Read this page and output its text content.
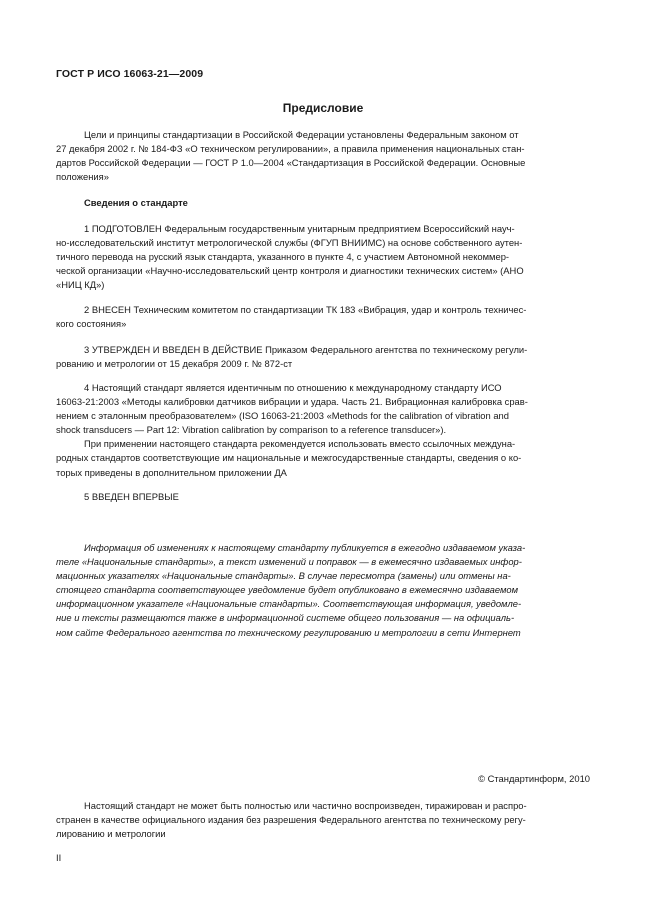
ГОСТ Р ИСО 16063-21—2009
Предисловие

Цели и принципы стандартизации в Российской Федерации установлены Федеральным законом от

27 декабря 2002 г. № 184-ФЗ «О техническом регулировании», а правила применения национальных стан-

дартов Российской Федерации — ГОСТ Р 1.0—2004 «Стандартизация в Российской Федерации. Основные

положения»

Сведения о стандарте

1 ПОДГОТОВЛЕН Федеральным государственным унитарным предприятием Всероссийский науч-

но-исследовательский институт метрологической службы (ФГУП ВНИИМС) на основе собственного аутен-

тичного перевода на русский язык стандарта, указанного в пункте 4, с участием Автономной некоммер-

ческой организации «Научно-исследовательский центр контроля и диагностики технических систем» (АНО

«НИЦ КД»)

2 ВНЕСЕН Техническим комитетом по стандартизации ТК 183 «Вибрация, удар и контроль техничес-

кого состояния»

3 УТВЕРЖДЕН И ВВЕДЕН В ДЕЙСТВИЕ Приказом Федерального агентства по техническому регули-

рованию и метрологии от 15 декабря 2009 г. № 872-ст

4 Настоящий стандарт является идентичным по отношению к международному стандарту ИСО

16063-21:2003 «Методы калибровки датчиков вибрации и удара. Часть 21. Вибрационная калибровка срав-

нением с эталонным преобразователем» (ISO 16063-21:2003 «Methods for the calibration of vibration and

shock transducers — Part 12: Vibration calibration by comparison to a reference transducer»).

При применении настоящего стандарта рекомендуется использовать вместо ссылочных междуна-

родных стандартов соответствующие им национальные и межгосударственные стандарты, сведения о ко-

торых приведены в дополнительном приложении ДА

5 ВВЕДЕН ВПЕРВЫЕ

Информация об изменениях к настоящему стандарту публикуется в ежегодно издаваемом указа-

теле «Национальные стандарты», а текст изменений и поправок — в ежемесячно издаваемых инфор-

мационных указателях «Национальные стандарты». В случае пересмотра (замены) или отмены на-

стоящего стандарта соответствующее уведомление будет опубликовано в ежемесячно издаваемом

информационном указателе «Национальные стандарты». Соответствующая информация, уведомле-

ние и тексты размещаются также в информационной системе общего пользования — на официаль-

ном сайте Федерального агентства по техническому регулированию и метрологии в сети Интернет

© Стандартинформ, 2010

Настоящий стандарт не может быть полностью или частично воспроизведен, тиражирован и распро-

странен в качестве официального издания без разрешения Федерального агентства по техническому регу-

лированию и метрологии

II
